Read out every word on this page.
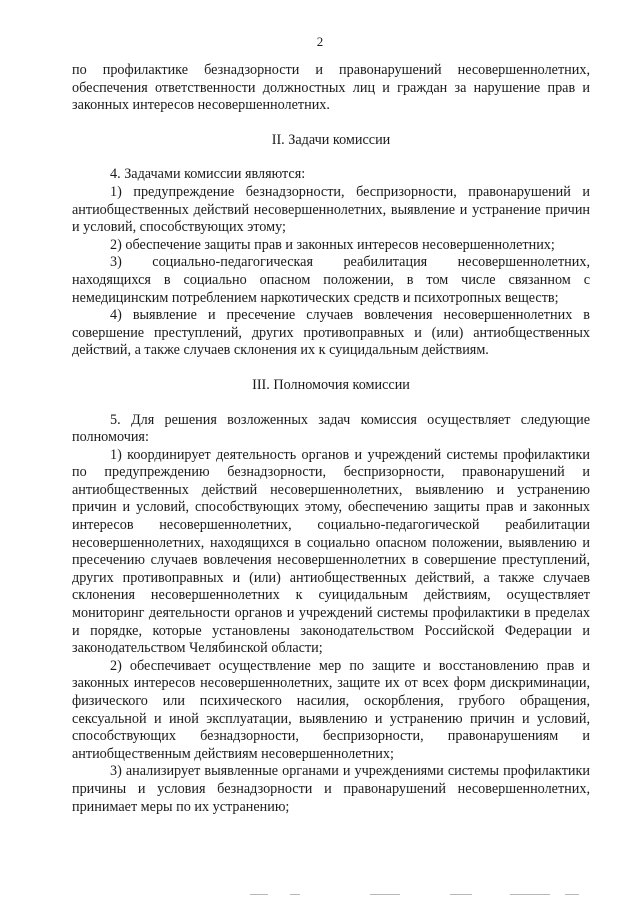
2

по профилактике безнадзорности и правонарушений несовершеннолетних, обеспечения ответственности должностных лиц и граждан за нарушение прав и законных интересов несовершеннолетних.

II. Задачи комиссии

4. Задачами комиссии являются:

1) предупреждение безнадзорности, беспризорности, правонарушений и антиобщественных действий несовершеннолетних, выявление и устранение причин и условий, способствующих этому;

2) обеспечение защиты прав и законных интересов несовершеннолетних;

3) социально-педагогическая реабилитация несовершеннолетних, находящихся в социально опасном положении, в том числе связанном с немедицинским потреблением наркотических средств и психотропных веществ;

4) выявление и пресечение случаев вовлечения несовершеннолетних в совершение преступлений, других противоправных и (или) антиобщественных действий, а также случаев склонения их к суицидальным действиям.

III. Полномочия комиссии

5. Для решения возложенных задач комиссия осуществляет следующие полномочия:

1) координирует деятельность органов и учреждений системы профилактики по предупреждению безнадзорности, беспризорности, правонарушений и антиобщественных действий несовершеннолетних, выявлению и устранению причин и условий, способствующих этому, обеспечению защиты прав и законных интересов несовершеннолетних, социально-педагогической реабилитации несовершеннолетних, находящихся в социально опасном положении, выявлению и пресечению случаев вовлечения несовершеннолетних в совершение преступлений, других противоправных и (или) антиобщественных действий, а также случаев склонения несовершеннолетних к суицидальным действиям, осуществляет мониторинг деятельности органов и учреждений системы профилактики в пределах и порядке, которые установлены законодательством Российской Федерации и законодательством Челябинской области;

2) обеспечивает осуществление мер по защите и восстановлению прав и законных интересов несовершеннолетних, защите их от всех форм дискриминации, физического или психического насилия, оскорбления, грубого обращения, сексуальной и иной эксплуатации, выявлению и устранению причин и условий, способствующих безнадзорности, беспризорности, правонарушениям и антиобщественным действиям несовершеннолетних;

3) анализирует выявленные органами и учреждениями системы профилактики причины и условия безнадзорности и правонарушений несовершеннолетних, принимает меры по их устранению;
